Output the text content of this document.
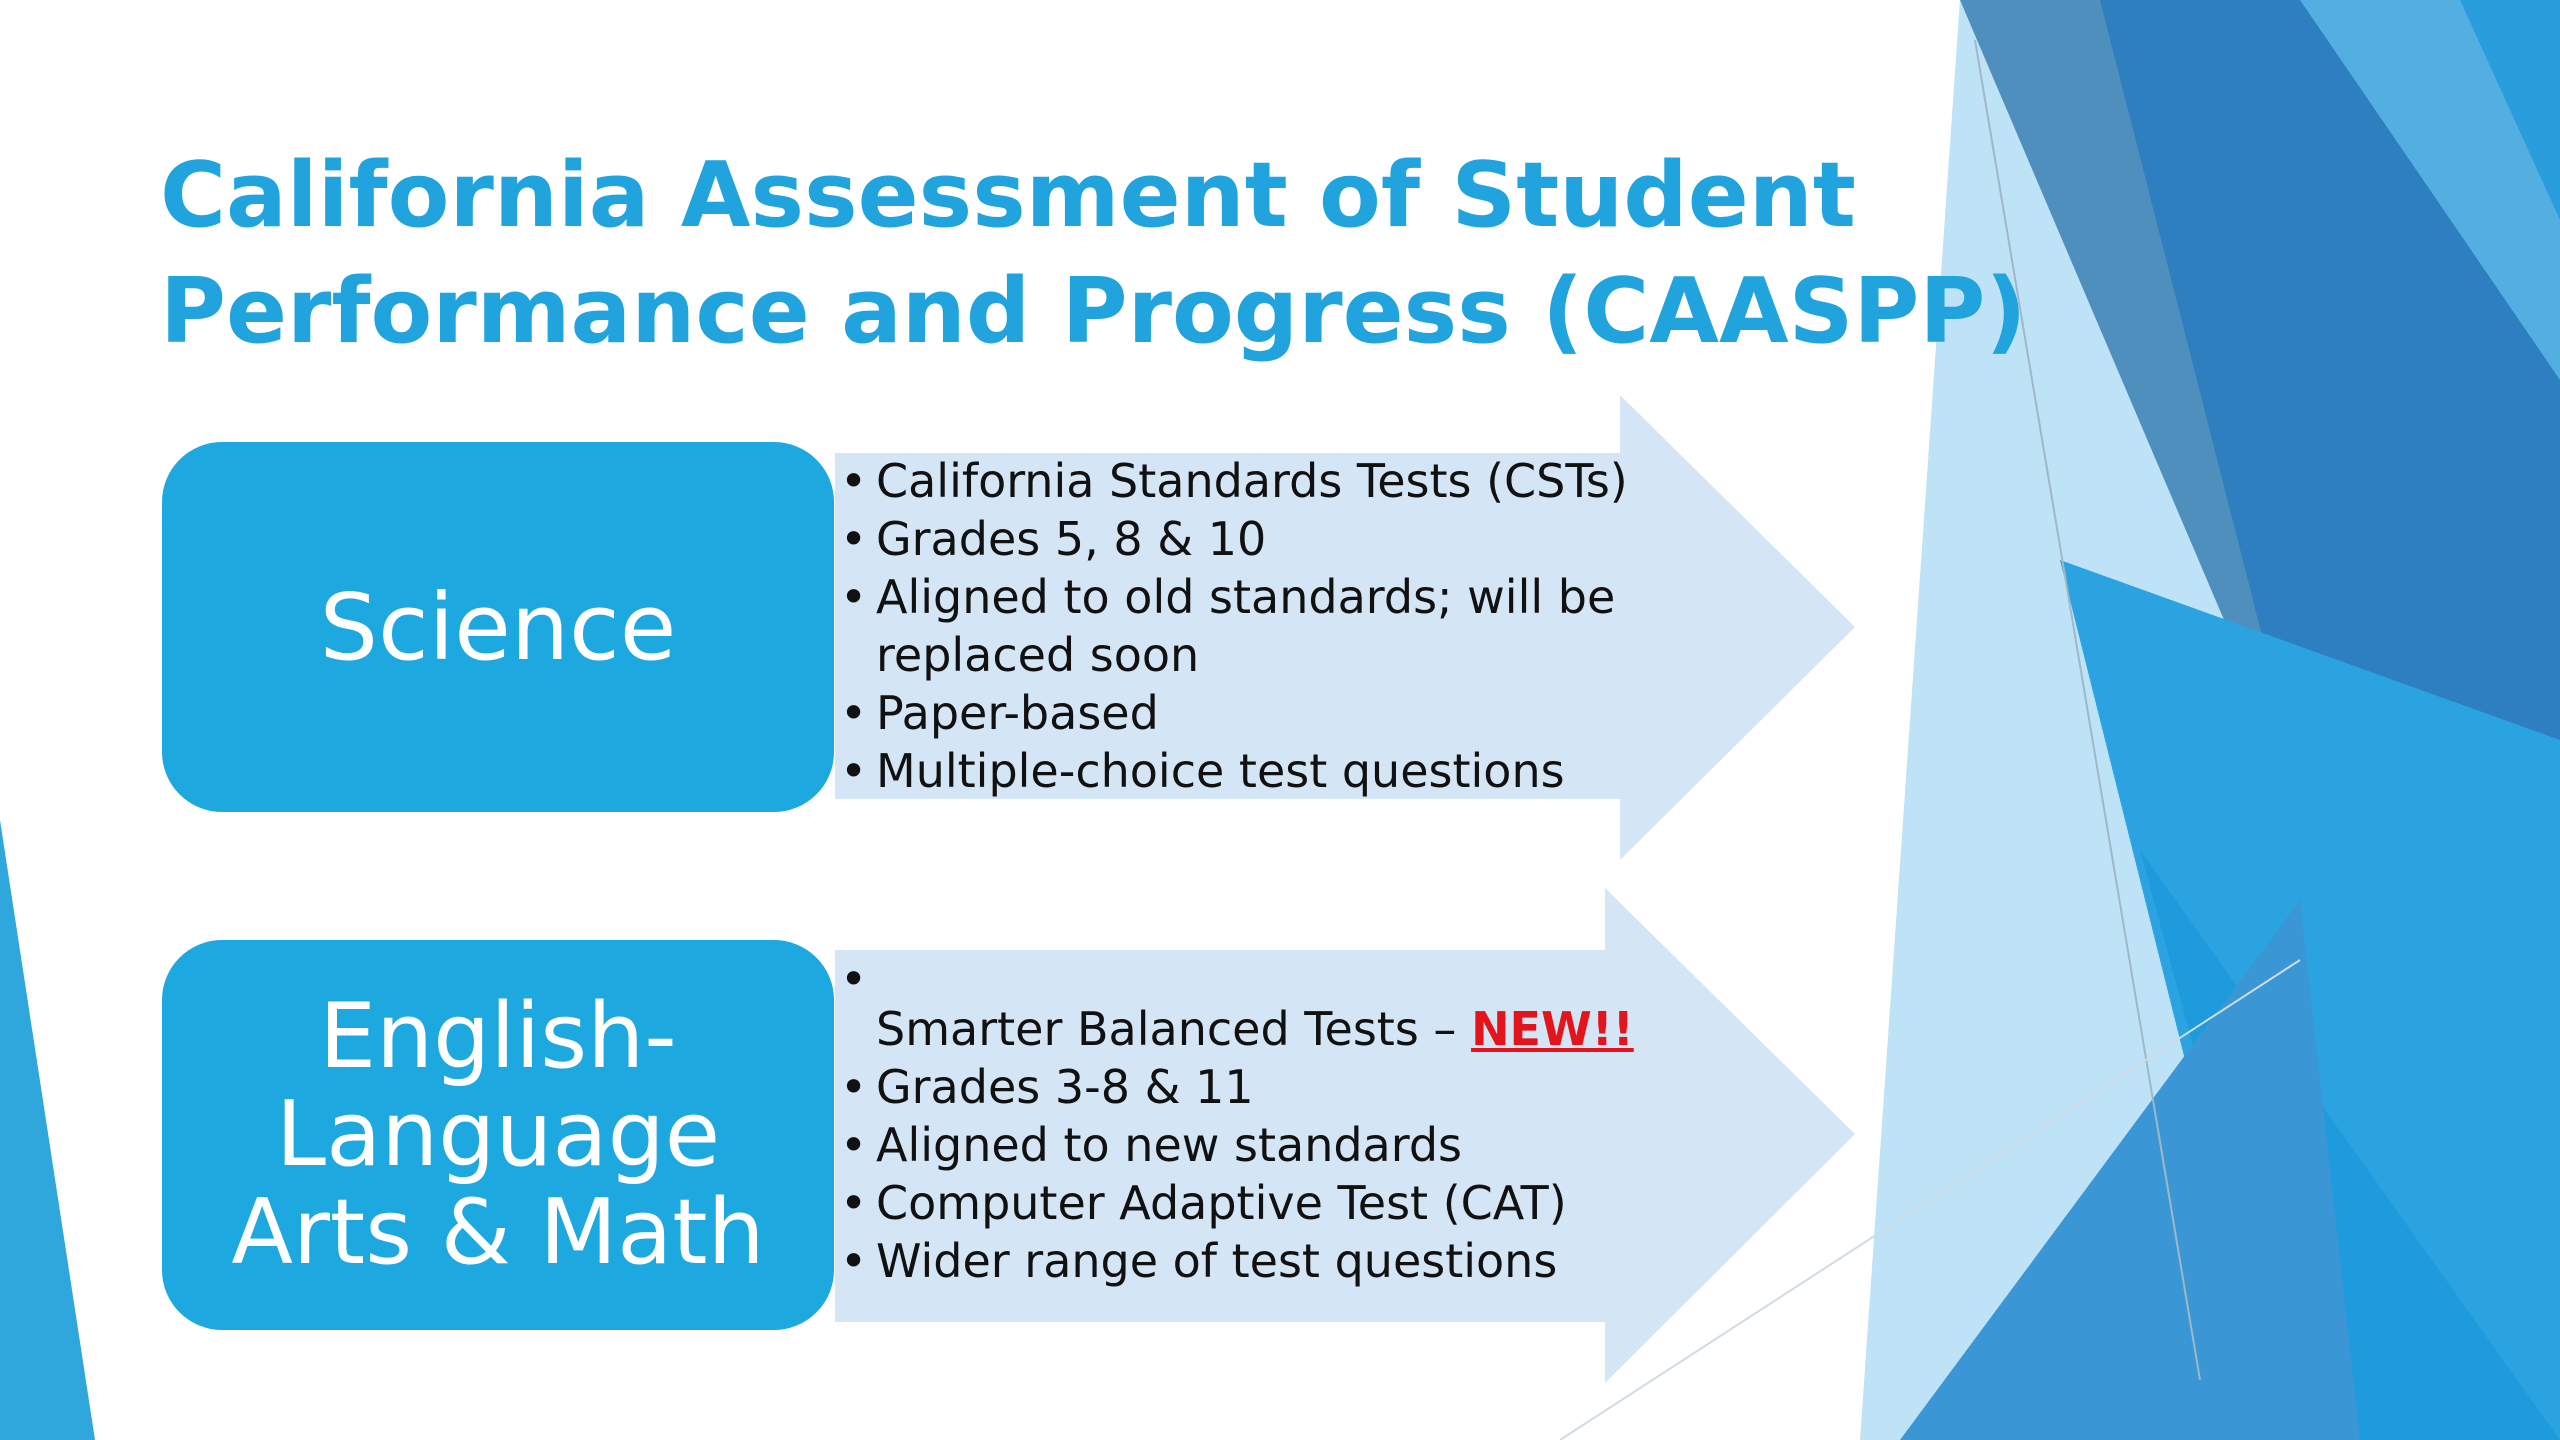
California Assessment of Student
Performance and Progress (CAASPP)
Science
• California Standards Tests (CSTs)
• Grades 5, 8 & 10
• Aligned to old standards; will be replaced soon
• Paper-based
• Multiple-choice test questions
English-
Language
Arts & Math
• Smarter Balanced Tests – NEW!!
• Grades 3-8 & 11
• Aligned to new standards
• Computer Adaptive Test (CAT)
• Wider range of test questions
